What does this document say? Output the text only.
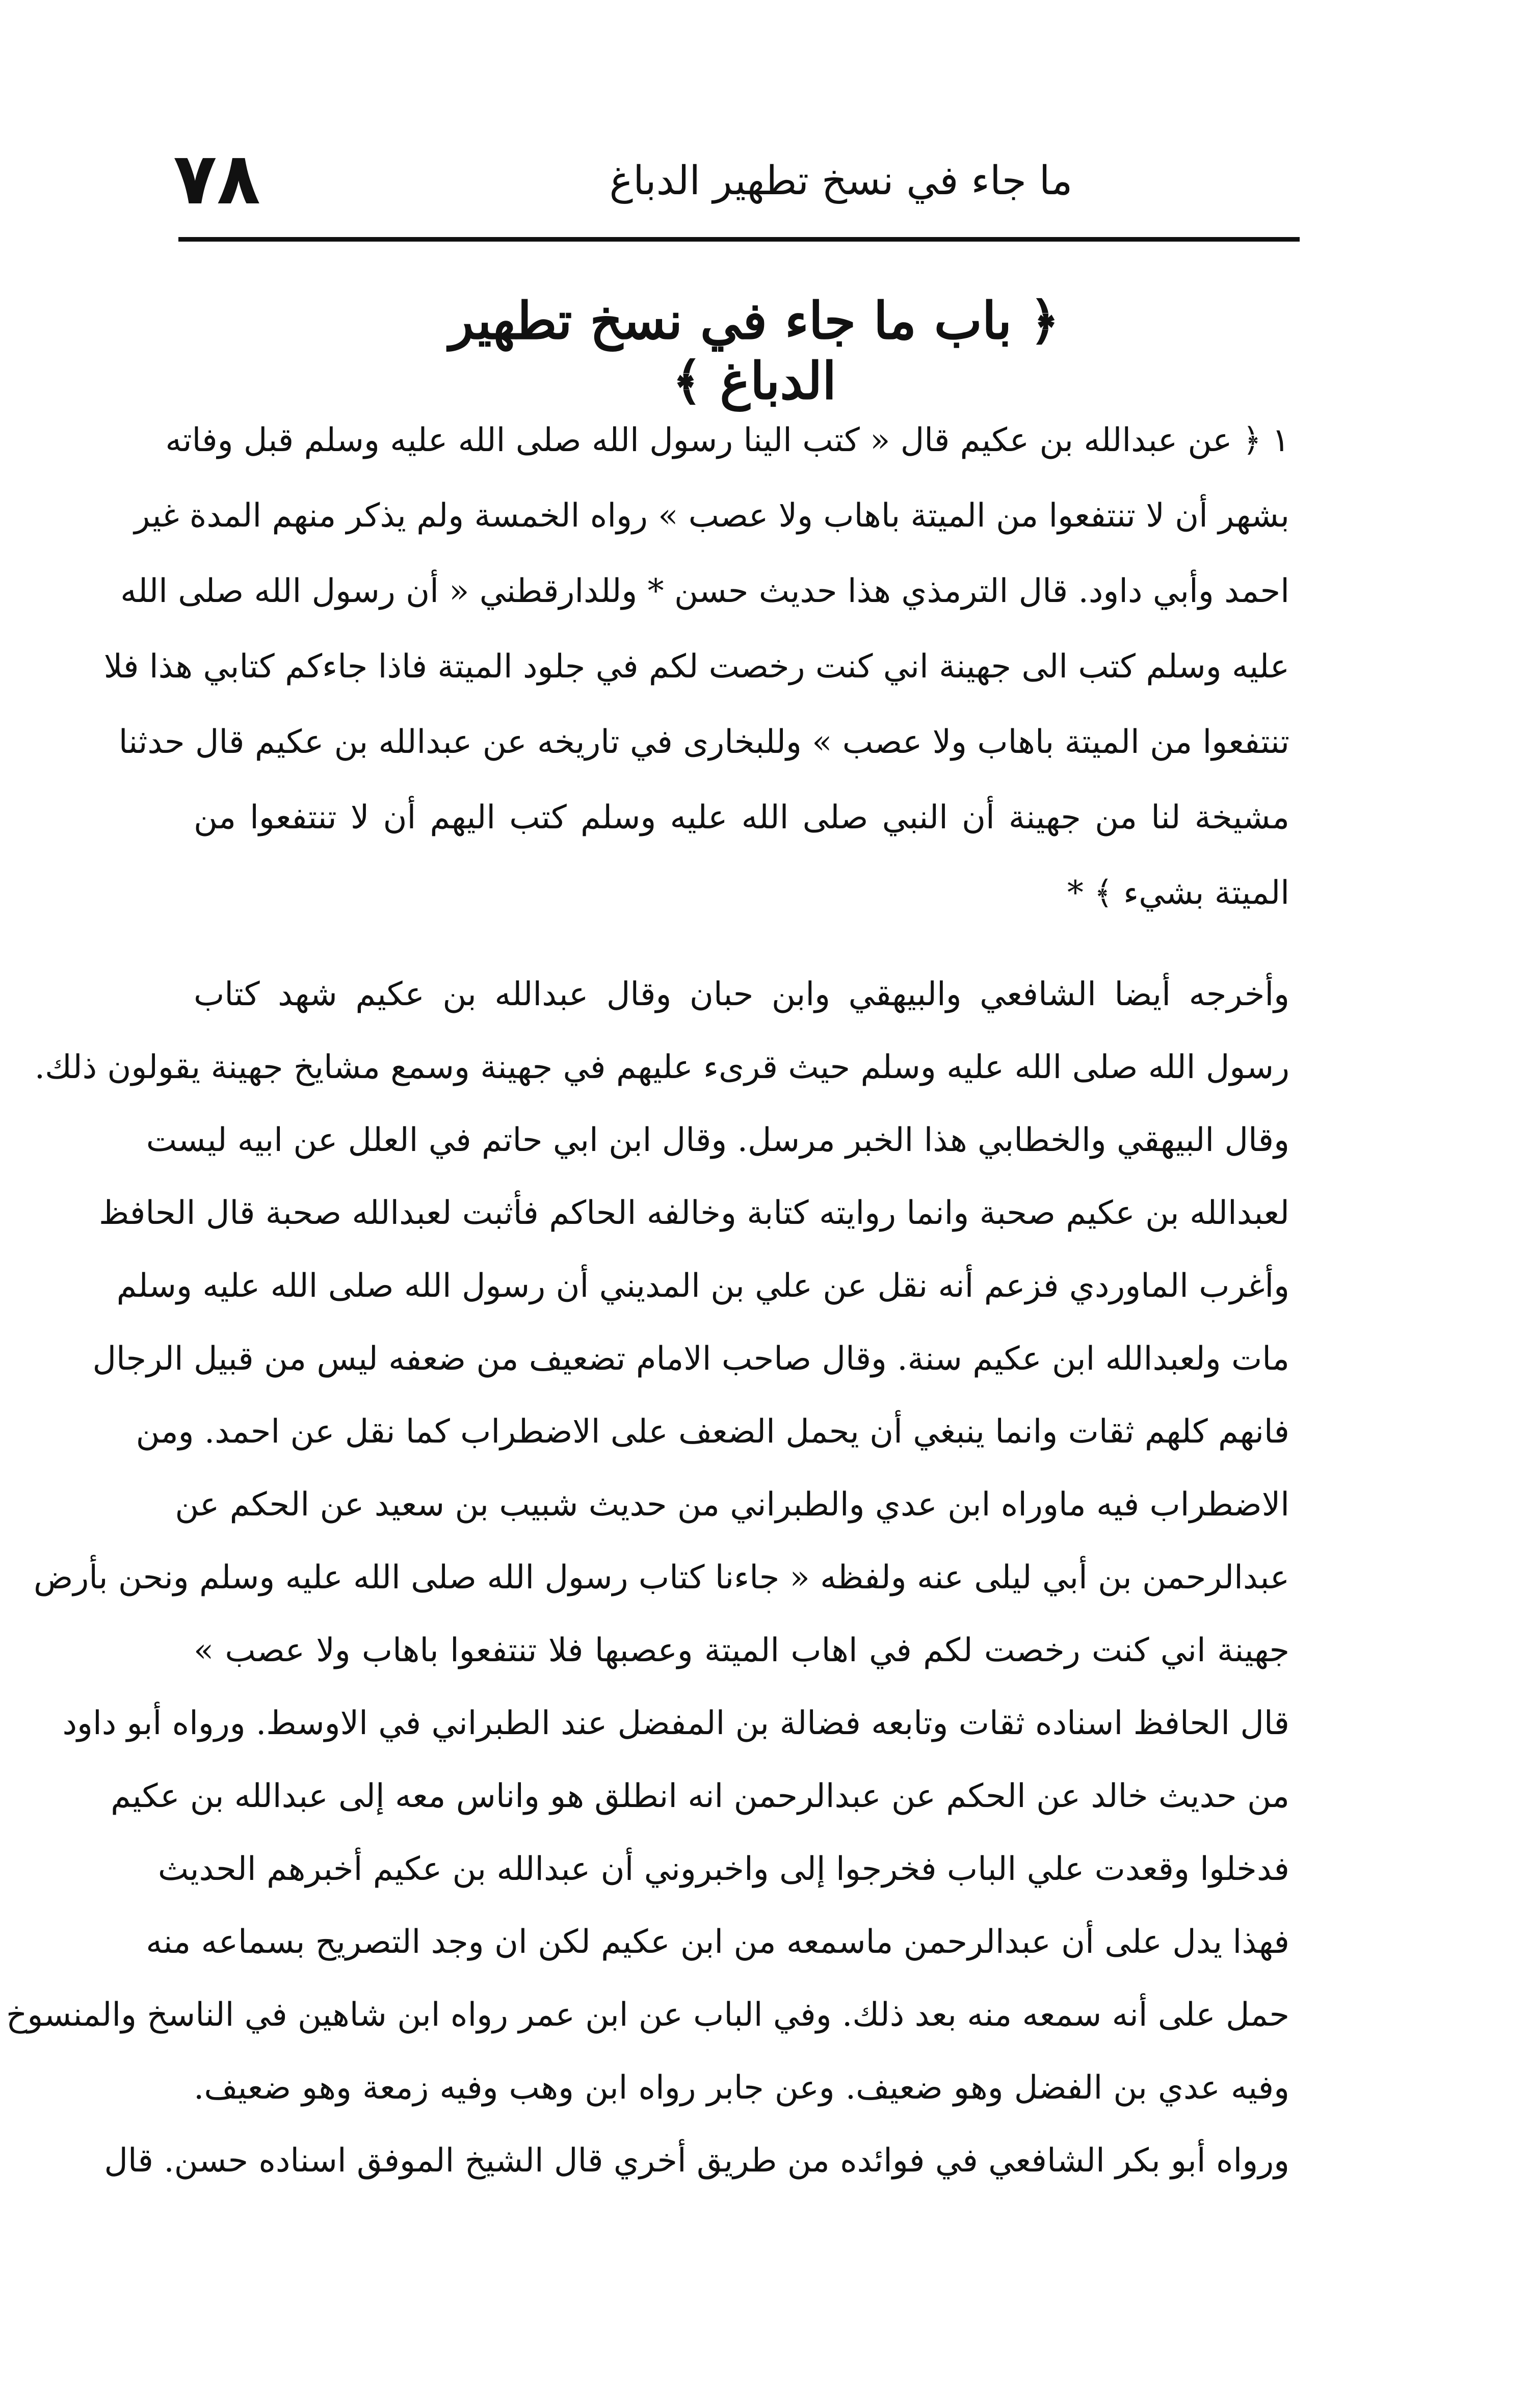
٧٨	ما جاء في نسخ تطهير الدباغ
﴿ باب ما جاء في نسخ تطهير الدباغ ﴾
١ ﴿ عن عبدالله بن عكيم قال « كتب الينا رسول الله صلى الله عليه وسلم قبل وفاته
بشهر أن لا تنتفعوا من الميتة باهاب ولا عصب » رواه الخمسة ولم يذكر منهم المدة غير
احمد وأبي داود. قال الترمذي هذا حديث حسن * وللدارقطني « أن رسول الله صلى الله
عليه وسلم كتب الى جهينة اني كنت رخصت لكم في جلود الميتة فاذا جاءكم كتابي هذا فلا
تنتفعوا من الميتة باهاب ولا عصب » وللبخارى في تاريخه عن عبدالله بن عكيم قال حدثنا
مشيخة لنا من جهينة أن النبي صلى الله عليه وسلم كتب اليهم أن لا تنتفعوا من
الميتة بشيء ﴾ *
وأخرجه أيضا الشافعي والبيهقي وابن حبان وقال عبدالله بن عكيم شهد كتاب
رسول الله صلى الله عليه وسلم حيث قرىء عليهم في جهينة وسمع مشايخ جهينة يقولون ذلك.
وقال البيهقي والخطابي هذا الخبر مرسل. وقال ابن ابي حاتم في العلل عن ابيه ليست
لعبدالله بن عكيم صحبة وانما روايته كتابة وخالفه الحاكم فأثبت لعبدالله صحبة قال الحافظ
وأغرب الماوردي فزعم أنه نقل عن علي بن المديني أن رسول الله صلى الله عليه وسلم
مات ولعبدالله ابن عكيم سنة. وقال صاحب الامام تضعيف من ضعفه ليس من قبيل الرجال
فانهم كلهم ثقات وانما ينبغي أن يحمل الضعف على الاضطراب كما نقل عن احمد. ومن
الاضطراب فيه ماوراه ابن عدي والطبراني من حديث شبيب بن سعيد عن الحكم عن
عبدالرحمن بن أبي ليلى عنه ولفظه « جاءنا كتاب رسول الله صلى الله عليه وسلم ونحن بأرض
جهينة اني كنت رخصت لكم في اهاب الميتة وعصبها فلا تنتفعوا باهاب ولا عصب »
قال الحافظ اسناده ثقات وتابعه فضالة بن المفضل عند الطبراني في الاوسط. ورواه أبو داود
من حديث خالد عن الحكم عن عبدالرحمن انه انطلق هو واناس معه إلى عبدالله بن عكيم
فدخلوا وقعدت علي الباب فخرجوا إلى واخبروني أن عبدالله بن عكيم أخبرهم الحديث
فهذا يدل على أن عبدالرحمن ماسمعه من ابن عكيم لكن ان وجد التصريح بسماعه منه
حمل على أنه سمعه منه بعد ذلك. وفي الباب عن ابن عمر رواه ابن شاهين في الناسخ والمنسوخ
وفيه عدي بن الفضل وهو ضعيف. وعن جابر رواه ابن وهب وفيه زمعة وهو ضعيف.
ورواه أبو بكر الشافعي في فوائده من طريق أخري قال الشيخ الموفق اسناده حسن. قال
